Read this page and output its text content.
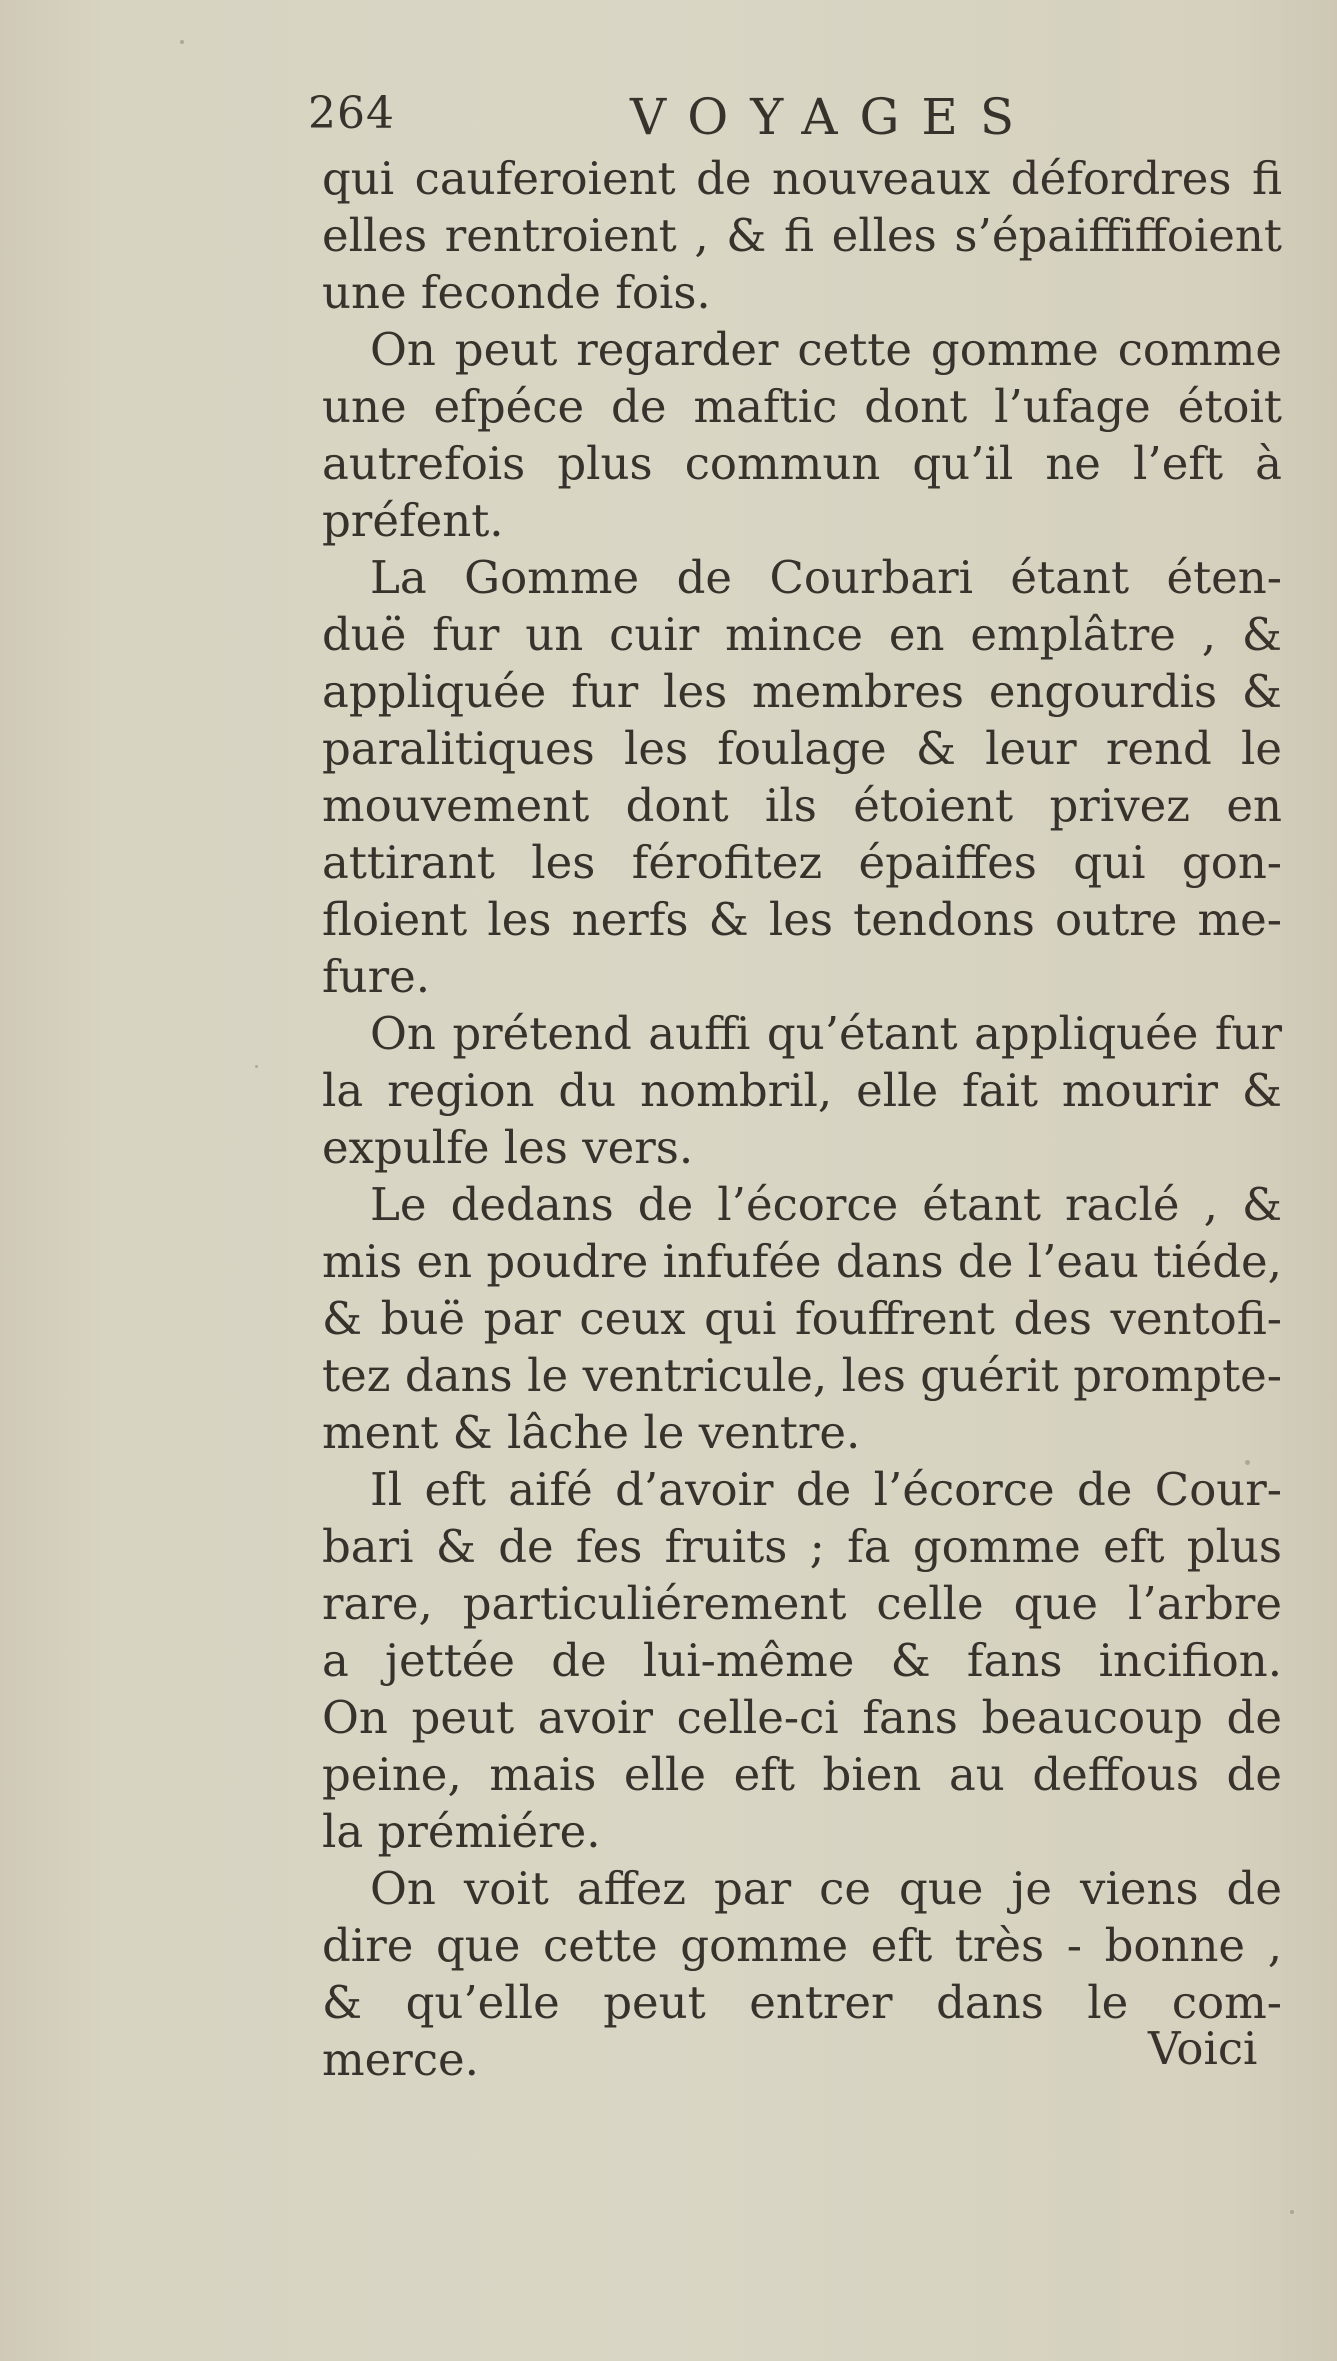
264	VOYAGES
qui cauferoient de nouveaux défordres fi
elles rentroient , & fi elles s’épaiffiffoient
une feconde fois.
On peut regarder cette gomme comme
une efpéce de maftic dont l’ufage étoit
autrefois plus commun qu’il ne l’eft à
préfent.
La Gomme de Courbari étant éten-
duë fur un cuir mince en emplâtre , &
appliquée fur les membres engourdis &
paralitiques les foulage & leur rend le
mouvement dont ils étoient privez en
attirant les férofitez épaiffes qui gon-
floient les nerfs & les tendons outre me-
fure.
On prétend auffi qu’étant appliquée fur
la region du nombril, elle fait mourir &
expulfe les vers.
Le dedans de l’écorce étant raclé , &
mis en poudre infufée dans de l’eau tiéde,
& buë par ceux qui fouffrent des ventofi-
tez dans le ventricule, les guérit prompte-
ment & lâche le ventre.
Il eft aifé d’avoir de l’écorce de Cour-
bari & de fes fruits ; fa gomme eft plus
rare, particuliérement celle que l’arbre
a jettée de lui-même & fans incifion.
On peut avoir celle-ci fans beaucoup de
peine, mais elle eft bien au deffous de
la prémiére.
On voit affez par ce que je viens de
dire que cette gomme eft très - bonne ,
& qu’elle peut entrer dans le com-
merce.	Voici
